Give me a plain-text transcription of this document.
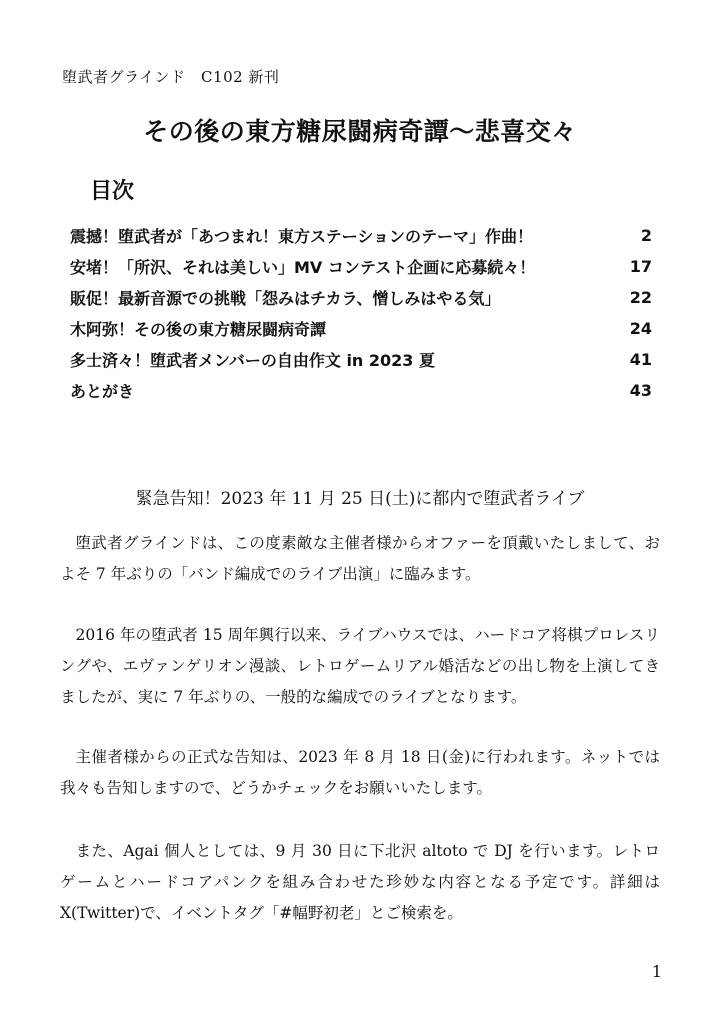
堕武者グラインド　C102 新刊
その後の東方糖尿闘病奇譚～悲喜交々
目次
震撼！堕武者が「あつまれ！東方ステーションのテーマ」作曲！	2
安堵！「所沢、それは美しい」MV コンテスト企画に応募続々！	17
販促！最新音源での挑戦「怨みはチカラ、憎しみはやる気」	22
木阿弥！その後の東方糖尿闘病奇譚	24
多士済々！堕武者メンバーの自由作文 in 2023 夏	41
あとがき	43
緊急告知！2023 年 11 月 25 日(土)に都内で堕武者ライブ

堕武者グラインドは、この度素敵な主催者様からオファーを頂戴いたしまして、およそ 7 年ぶりの「バンド編成でのライブ出演」に臨みます。

2016 年の堕武者 15 周年興行以来、ライブハウスでは、ハードコア将棋プロレスリングや、エヴァンゲリオン漫談、レトロゲームリアル婚活などの出し物を上演してきましたが、実に 7 年ぶりの、一般的な編成でのライブとなります。

主催者様からの正式な告知は、2023 年 8 月 18 日(金)に行われます。ネットでは我々も告知しますので、どうかチェックをお願いいたします。

また、Agai 個人としては、9 月 30 日に下北沢 altoto で DJ を行います。レトロゲームとハードコアパンクを組み合わせた珍妙な内容となる予定です。詳細は X(Twitter)で、イベントタグ「#幅野初老」とご検索を。

1
